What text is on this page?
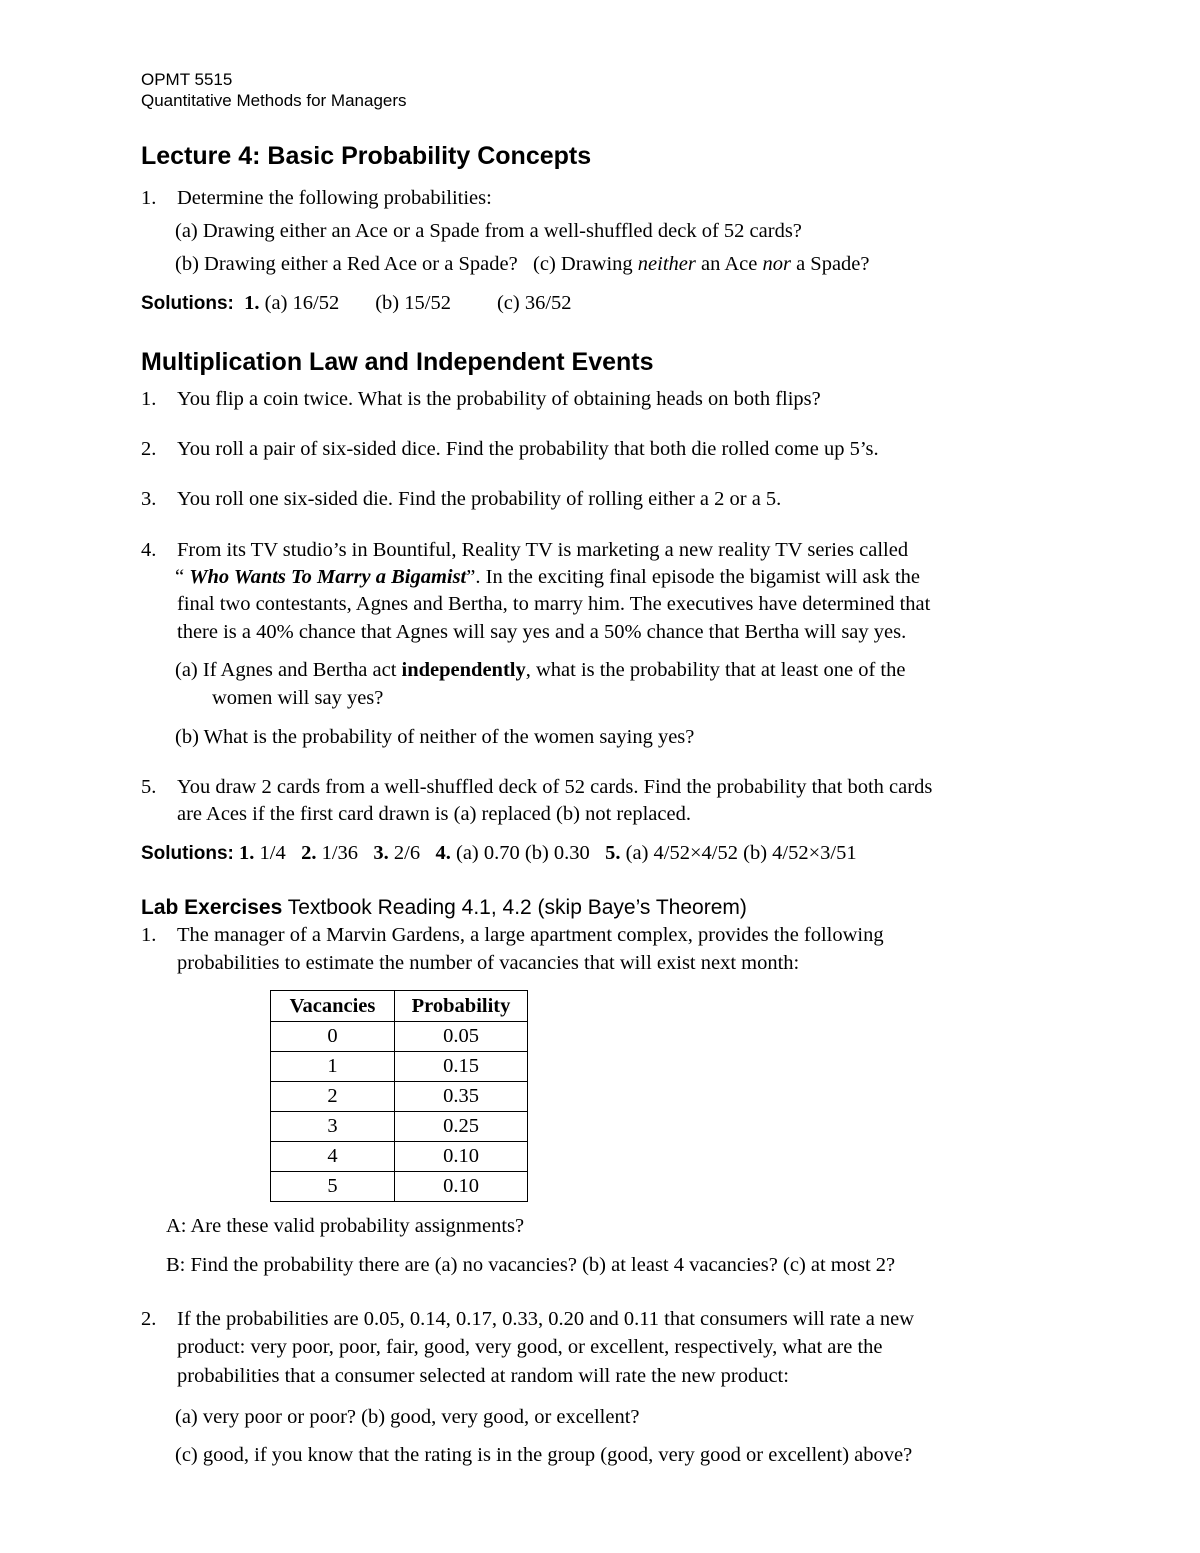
OPMT 5515
Quantitative Methods for Managers
Lecture 4: Basic Probability Concepts
1. Determine the following probabilities:
(a) Drawing either an Ace or a Spade from a well-shuffled deck of 52 cards?
(b) Drawing either a Red Ace or a Spade? (c) Drawing neither an Ace nor a Spade?
Solutions: 1. (a) 16/52 (b) 15/52 (c) 36/52
Multiplication Law and Independent Events
1. You flip a coin twice. What is the probability of obtaining heads on both flips?
2. You roll a pair of six-sided dice. Find the probability that both die rolled come up 5’s.
3. You roll one six-sided die. Find the probability of rolling either a 2 or a 5.
4. From its TV studio’s in Bountiful, Reality TV is marketing a new reality TV series called
“ Who Wants To Marry a Bigamist”. In the exciting final episode the bigamist will ask the
final two contestants, Agnes and Bertha, to marry him. The executives have determined that
there is a 40% chance that Agnes will say yes and a 50% chance that Bertha will say yes.
(a) If Agnes and Bertha act independently, what is the probability that at least one of the
women will say yes?
(b) What is the probability of neither of the women saying yes?
5. You draw 2 cards from a well-shuffled deck of 52 cards. Find the probability that both cards
are Aces if the first card drawn is (a) replaced (b) not replaced.
Solutions: 1. 1/4 2. 1/36 3. 2/6 4. (a) 0.70 (b) 0.30 5. (a) 4/52×4/52 (b) 4/52×3/51
Lab Exercises Textbook Reading 4.1, 4.2 (skip Baye’s Theorem)
1. The manager of a Marvin Gardens, a large apartment complex, provides the following
probabilities to estimate the number of vacancies that will exist next month:
Vacancies	Probability
0	0.05
1	0.15
2	0.35
3	0.25
4	0.10
5	0.10
A: Are these valid probability assignments?
B: Find the probability there are (a) no vacancies? (b) at least 4 vacancies? (c) at most 2?
2. If the probabilities are 0.05, 0.14, 0.17, 0.33, 0.20 and 0.11 that consumers will rate a new
product: very poor, poor, fair, good, very good, or excellent, respectively, what are the
probabilities that a consumer selected at random will rate the new product:
(a) very poor or poor? (b) good, very good, or excellent?
(c) good, if you know that the rating is in the group (good, very good or excellent) above?
